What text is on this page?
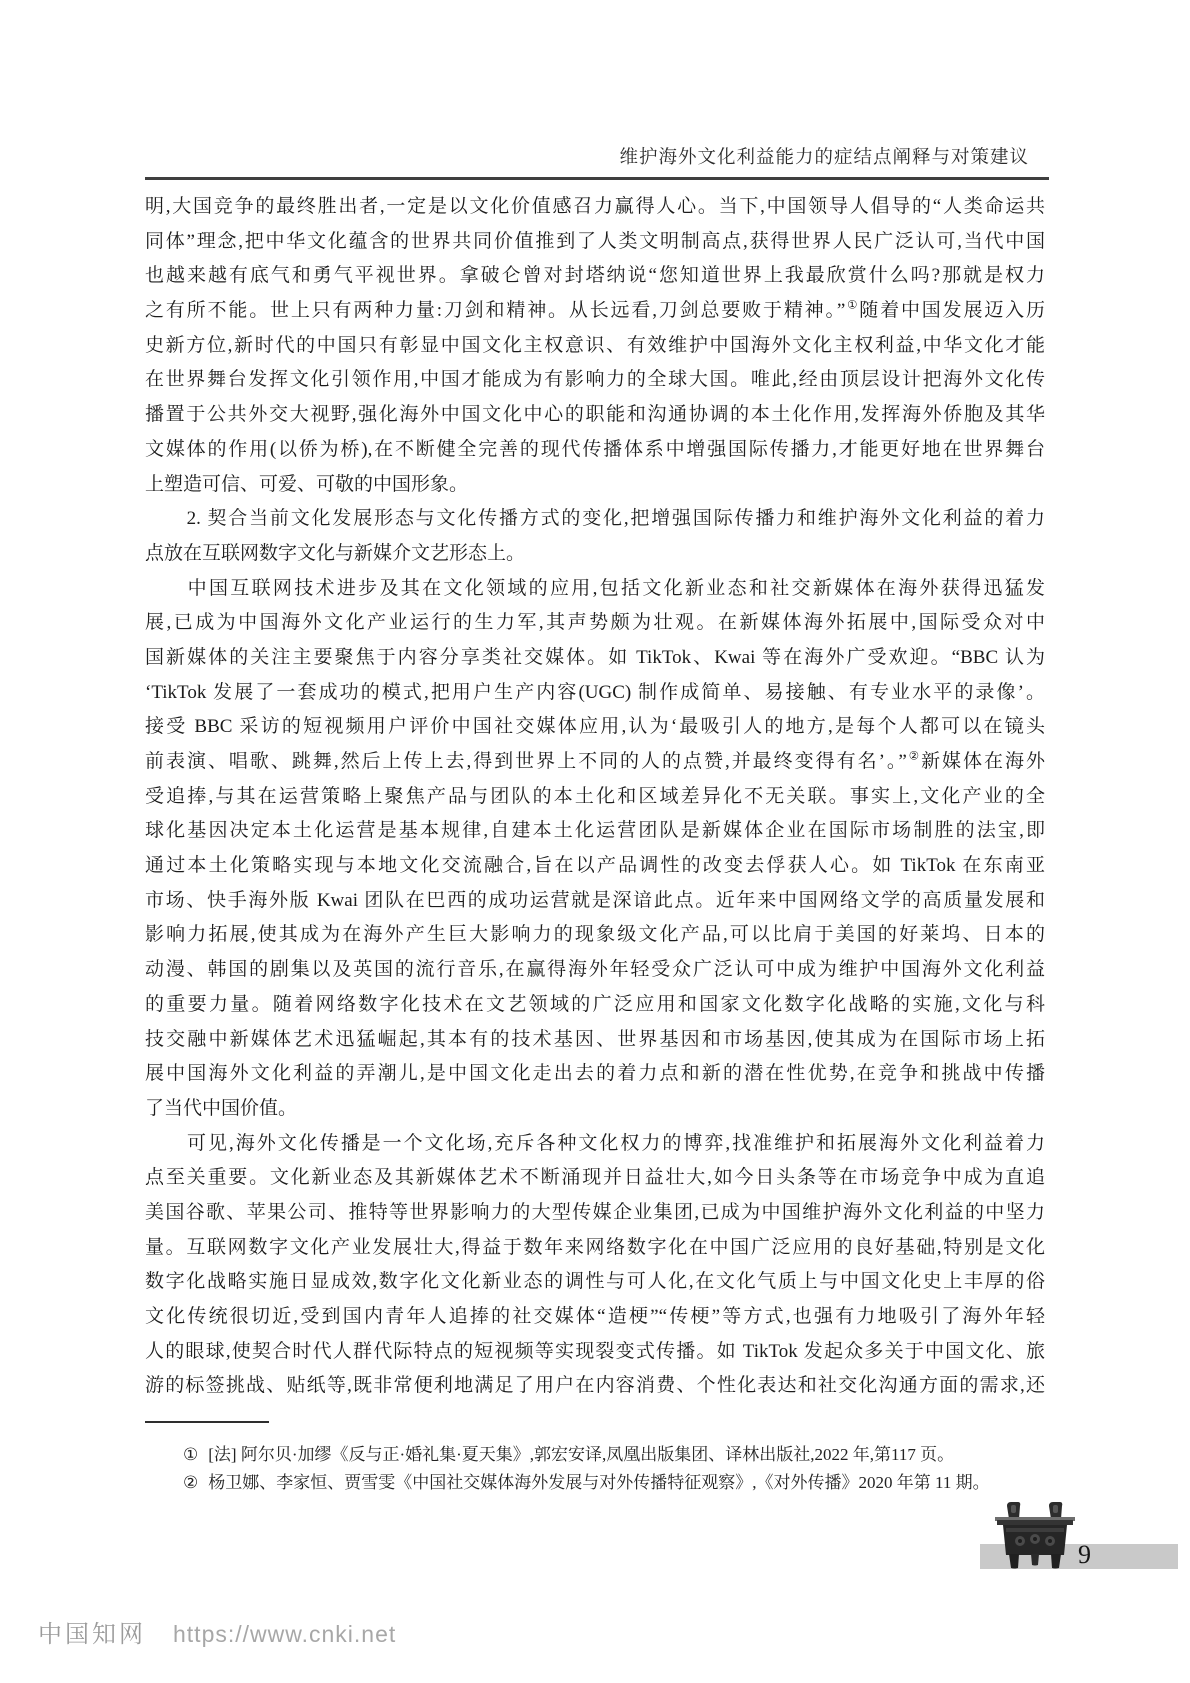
维护海外文化利益能力的症结点阐释与对策建议
明,大国竞争的最终胜出者,一定是以文化价值感召力赢得人心。当下,中国领导人倡导的“人类命运共
同体”理念,把中华文化蕴含的世界共同价值推到了人类文明制高点,获得世界人民广泛认可,当代中国
也越来越有底气和勇气平视世界。拿破仑曾对封塔纳说“您知道世界上我最欣赏什么吗?那就是权力
之有所不能。世上只有两种力量:刀剑和精神。从长远看,刀剑总要败于精神。”①随着中国发展迈入历
史新方位,新时代的中国只有彰显中国文化主权意识、有效维护中国海外文化主权利益,中华文化才能
在世界舞台发挥文化引领作用,中国才能成为有影响力的全球大国。唯此,经由顶层设计把海外文化传
播置于公共外交大视野,强化海外中国文化中心的职能和沟通协调的本土化作用,发挥海外侨胞及其华
文媒体的作用(以侨为桥),在不断健全完善的现代传播体系中增强国际传播力,才能更好地在世界舞台
上塑造可信、可爱、可敬的中国形象。
　　2. 契合当前文化发展形态与文化传播方式的变化,把增强国际传播力和维护海外文化利益的着力
点放在互联网数字文化与新媒介文艺形态上。
　　中国互联网技术进步及其在文化领域的应用,包括文化新业态和社交新媒体在海外获得迅猛发
展,已成为中国海外文化产业运行的生力军,其声势颇为壮观。在新媒体海外拓展中,国际受众对中
国新媒体的关注主要聚焦于内容分享类社交媒体。如 TikTok、Kwai 等在海外广受欢迎。“BBC 认为
‘TikTok 发展了一套成功的模式,把用户生产内容(UGC) 制作成简单、易接触、有专业水平的录像’。
接受 BBC 采访的短视频用户评价中国社交媒体应用,认为‘最吸引人的地方,是每个人都可以在镜头
前表演、唱歌、跳舞,然后上传上去,得到世界上不同的人的点赞,并最终变得有名’。”②新媒体在海外
受追捧,与其在运营策略上聚焦产品与团队的本土化和区域差异化不无关联。事实上,文化产业的全
球化基因决定本土化运营是基本规律,自建本土化运营团队是新媒体企业在国际市场制胜的法宝,即
通过本土化策略实现与本地文化交流融合,旨在以产品调性的改变去俘获人心。如 TikTok 在东南亚
市场、快手海外版 Kwai 团队在巴西的成功运营就是深谙此点。近年来中国网络文学的高质量发展和
影响力拓展,使其成为在海外产生巨大影响力的现象级文化产品,可以比肩于美国的好莱坞、日本的
动漫、韩国的剧集以及英国的流行音乐,在赢得海外年轻受众广泛认可中成为维护中国海外文化利益
的重要力量。随着网络数字化技术在文艺领域的广泛应用和国家文化数字化战略的实施,文化与科
技交融中新媒体艺术迅猛崛起,其本有的技术基因、世界基因和市场基因,使其成为在国际市场上拓
展中国海外文化利益的弄潮儿,是中国文化走出去的着力点和新的潜在性优势,在竞争和挑战中传播
了当代中国价值。
　　可见,海外文化传播是一个文化场,充斥各种文化权力的博弈,找准维护和拓展海外文化利益着力
点至关重要。文化新业态及其新媒体艺术不断涌现并日益壮大,如今日头条等在市场竞争中成为直追
美国谷歌、苹果公司、推特等世界影响力的大型传媒企业集团,已成为中国维护海外文化利益的中坚力
量。互联网数字文化产业发展壮大,得益于数年来网络数字化在中国广泛应用的良好基础,特别是文化
数字化战略实施日显成效,数字化文化新业态的调性与可人化,在文化气质上与中国文化史上丰厚的俗
文化传统很切近,受到国内青年人追捧的社交媒体“造梗”“传梗”等方式,也强有力地吸引了海外年轻
人的眼球,使契合时代人群代际特点的短视频等实现裂变式传播。如 TikTok 发起众多关于中国文化、旅
游的标签挑战、贴纸等,既非常便利地满足了用户在内容消费、个性化表达和社交化沟通方面的需求,还
① [法] 阿尔贝·加缪《反与正·婚礼集·夏天集》,郭宏安译,凤凰出版集团、译林出版社,2022 年,第117 页。
② 杨卫娜、李家恒、贾雪雯《中国社交媒体海外发展与对外传播特征观察》,《对外传播》2020 年第 11 期。
9
中国知网 https://www.cnki.net
